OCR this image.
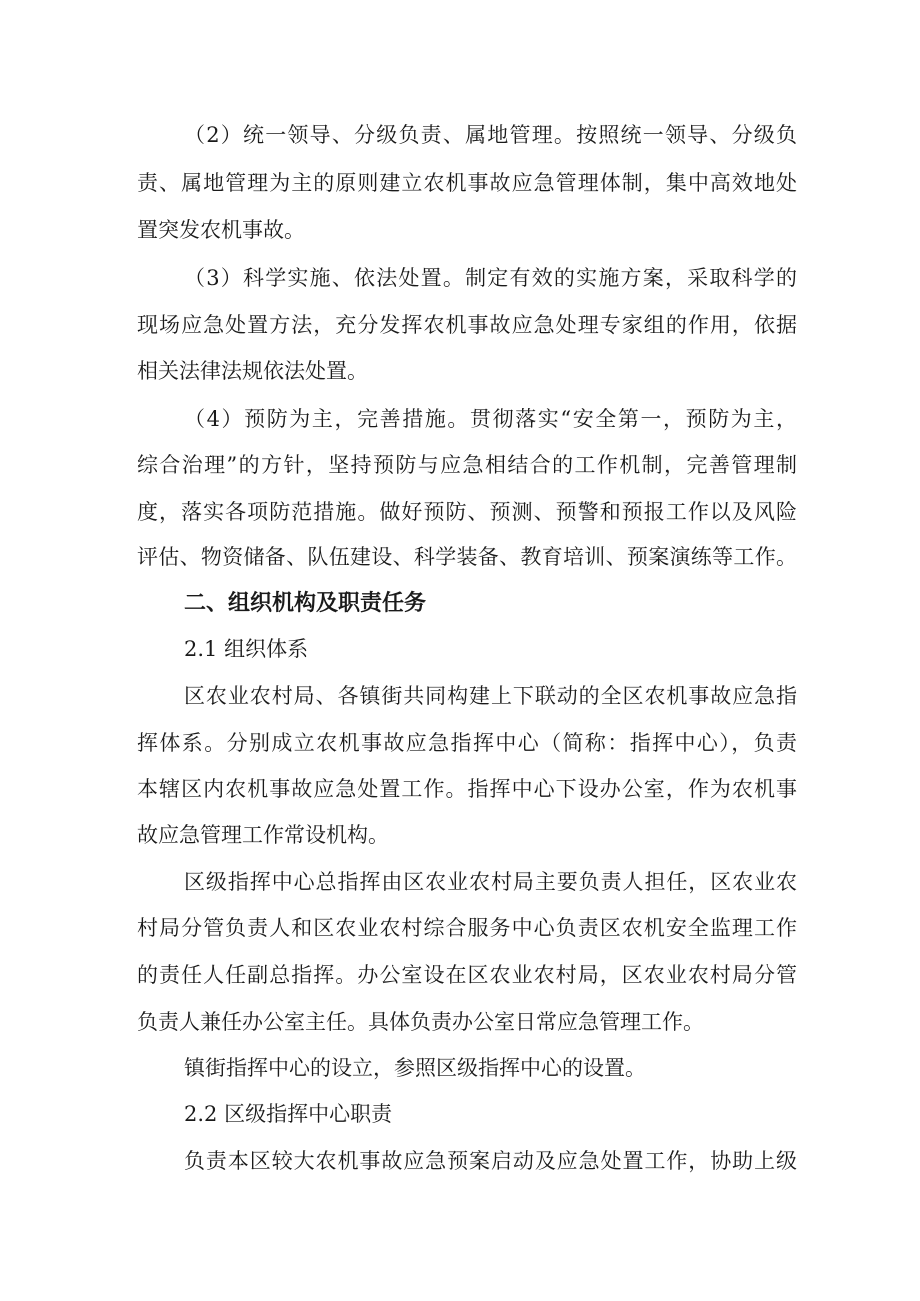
（2）统一领导、分级负责、属地管理。按照统一领导、分级负
责、属地管理为主的原则建立农机事故应急管理体制，集中高效地处
置突发农机事故。
（3）科学实施、依法处置。制定有效的实施方案，采取科学的
现场应急处置方法，充分发挥农机事故应急处理专家组的作用，依据
相关法律法规依法处置。
（4）预防为主，完善措施。贯彻落实“安全第一，预防为主，
综合治理”的方针，坚持预防与应急相结合的工作机制，完善管理制
度，落实各项防范措施。做好预防、预测、预警和预报工作以及风险
评估、物资储备、队伍建设、科学装备、教育培训、预案演练等工作。
二、组织机构及职责任务
2.1 组织体系
区农业农村局、各镇街共同构建上下联动的全区农机事故应急指
挥体系。分别成立农机事故应急指挥中心（简称：指挥中心），负责
本辖区内农机事故应急处置工作。指挥中心下设办公室，作为农机事
故应急管理工作常设机构。
区级指挥中心总指挥由区农业农村局主要负责人担任，区农业农
村局分管负责人和区农业农村综合服务中心负责区农机安全监理工作
的责任人任副总指挥。办公室设在区农业农村局，区农业农村局分管
负责人兼任办公室主任。具体负责办公室日常应急管理工作。
镇街指挥中心的设立，参照区级指挥中心的设置。
2.2 区级指挥中心职责
负责本区较大农机事故应急预案启动及应急处置工作，协助上级
